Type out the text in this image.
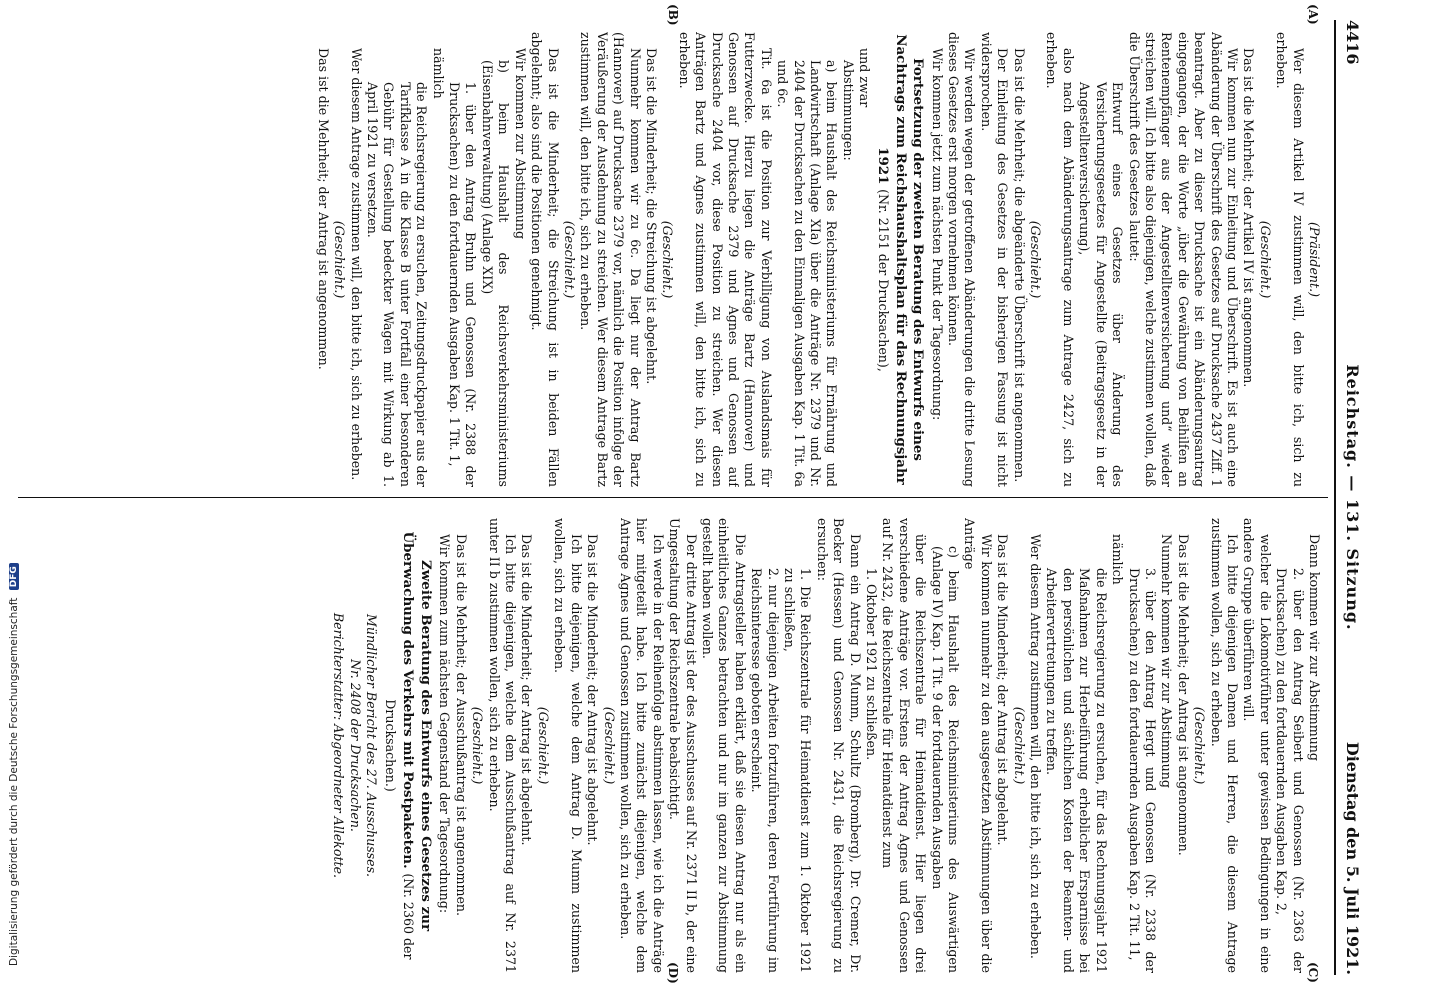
4416
Reichstag. — 131. Sitzung.
Dienstag den 5. Juli 1921.
(A)
(B)
(C)
(D)

(Präsident.)

Wer diesem Artikel IV zustimmen will, den bitte ich, sich zu erheben.

(Geschieht.)

Das ist die Mehrheit; der Artikel IV ist angenommen.

Wir kommen nun zur Einleitung und Überschrift. Es ist auch eine Abänderung der Überschrift des Gesetzes auf Drucksache 2437 Ziff. 1 beantragt. Aber zu dieser Drucksache ist ein Abänderungsantrag eingegangen, der die Worte „über die Gewährung von Beihilfen an Rentenempfänger aus der Angestelltenversicherung und“ wieder streichen will. Ich bitte also diejenigen, welche zustimmen wollen, daß die Überschrift des Gesetzes lautet:

Entwurf eines Gesetzes über Änderung des Versicherungsgesetzes für Angestellte (Beitragsgesetz in der Angestelltenversicherung),

also nach dem Abänderungsantrage zum Antrage 2427, sich zu erheben.

(Geschieht.)

Das ist die Mehrheit; die abgeänderte Überschrift ist angenommen.

Der Einleitung des Gesetzes in der bisherigen Fassung ist nicht widersprochen.

Wir werden wegen der getroffenen Abänderungen die dritte Lesung dieses Gesetzes erst morgen vornehmen können.

Wir kommen jetzt zum nächsten Punkt der Tagesordnung:

Fortsetzung der zweiten Beratung des Entwurfs eines Nachtrags zum Reichshaushaltsplan für das Rechnungsjahr 1921 (Nr. 2151 der Drucksachen),

und zwar

Abstimmungen:

a) beim Haushalt des Reichsministeriums für Ernährung und Landwirtschaft (Anlage XIa) über die Anträge Nr. 2379 und Nr. 2404 der Drucksachen zu den Einmaligen Ausgaben Kap. 1 Tit. 6a und 6c.

Tit. 6a ist die Position zur Verbilligung von Auslandsmais für Futterzwecke. Hierzu liegen die Anträge Bartz (Hannover) und Genossen auf Drucksache 2379 und Agnes und Genossen auf Drucksache 2404 vor, diese Position zu streichen. Wer diesen Anträgen Bartz und Agnes zustimmen will, den bitte ich, sich zu erheben.

(Geschieht.)

Das ist die Minderheit; die Streichung ist abgelehnt.

Nunmehr kommen wir zu 6c. Da liegt nur der Antrag Bartz (Hannover) auf Drucksache 2379 vor, nämlich die Position infolge der Veräußerung der Ausdehnung zu streichen. Wer diesem Antrage Bartz zustimmen will, den bitte ich, sich zu erheben.

(Geschieht.)

Das ist die Minderheit; die Streichung ist in beiden Fällen abgelehnt; also sind die Positionen genehmigt.

Wir kommen zur Abstimmung

b) beim Haushalt des Reichsverkehrsministeriums (Eisenbahnverwaltung) (Anlage XIX)

1. über den Antrag Bruhn und Genossen (Nr. 2388 der Drucksachen) zu den fortdauernden Ausgaben Kap. 1 Tit. 1,

nämlich

die Reichsregierung zu ersuchen, Zeitungsdruckpapier aus der Tarifklasse A in die Klasse B unter Fortfall einer besonderen Gebühr für Gestellung bedeckter Wagen mit Wirkung ab 1. April 1921 zu versetzen.

Wer diesem Antrage zustimmen will, den bitte ich, sich zu erheben.

(Geschieht.)

Das ist die Mehrheit; der Antrag ist angenommen.

Dann kommen wir zur Abstimmung

2. über den Antrag Seibert und Genossen (Nr. 2363 der Drucksachen) zu den fortdauernden Ausgaben Kap. 2,

welcher die Lokomotivführer unter gewissen Bedingungen in eine andere Gruppe überführen will.

Ich bitte diejenigen Damen und Herren, die diesem Antrage zustimmen wollen, sich zu erheben.

(Geschieht.)

Das ist die Mehrheit; der Antrag ist angenommen.

Nunmehr kommen wir zur Abstimmung

3. über den Antrag Hergt und Genossen (Nr. 2338 der Drucksachen) zu den fortdauernden Ausgaben Kap. 2 Tit. 11,

nämlich

die Reichsregierung zu ersuchen, für das Rechnungsjahr 1921 Maßnahmen zur Herbeiführung erheblicher Ersparnisse bei den persönlichen und sächlichen Kosten der Beamten- und Arbeitervertretungen zu treffen.

Wer diesem Antrag zustimmen will, den bitte ich, sich zu erheben.

(Geschieht.)

Das ist die Minderheit; der Antrag ist abgelehnt.

Wir kommen nunmehr zu den ausgesetzten Abstimmungen über die Anträge

c) beim Haushalt des Reichsministeriums des Auswärtigen (Anlage IV) Kap. 1 Tit. 9 der fortdauernden Ausgaben

über die Reichszentrale für Heimatdienst. Hier liegen drei verschiedene Anträge vor. Erstens der Antrag Agnes und Genossen auf Nr. 2432, die Reichszentrale für Heimatdienst zum

1. Oktober 1921 zu schließen.

Dann ein Antrag D. Mumm, Schultz (Bromberg), Dr. Cremer, Dr. Becker (Hessen) und Genossen Nr. 2431, die Reichsregierung zu ersuchen:

1. Die Reichszentrale für Heimatdienst zum 1. Oktober 1921 zu schließen,

2. nur diejenigen Arbeiten fortzuführen, deren Fortführung im Reichsinteresse geboten erscheint.

Die Antragsteller haben erklärt, daß sie diesen Antrag nur als ein einheitliches Ganzes betrachten und nur im ganzen zur Abstimmung gestellt haben wollen.

Der dritte Antrag ist der des Ausschusses auf Nr. 2371 II b, der eine Umgestaltung der Reichszentrale beabsichtigt.

Ich werde in der Reihenfolge abstimmen lassen, wie ich die Anträge hier mitgeteilt habe. Ich bitte zunächst diejenigen, welche dem Antrage Agnes und Genossen zustimmen wollen, sich zu erheben.

(Geschieht.)

Das ist die Minderheit; der Antrag ist abgelehnt.

Ich bitte diejenigen, welche dem Antrag D. Mumm zustimmen wollen, sich zu erheben.

(Geschieht.)

Das ist die Minderheit; der Antrag ist abgelehnt.

Ich bitte diejenigen, welche dem Ausschußantrag auf Nr. 2371 unter II b zustimmen wollen, sich zu erheben.

(Geschieht.)

Das ist die Mehrheit; der Ausschußantrag ist angenommen.

Wir kommen zum nächsten Gegenstand der Tagesordnung:

Zweite Beratung des Entwurfs eines Gesetzes zur Überwachung des Verkehrs mit Postpaketen. (Nr. 2360 der Drucksachen.)

Mündlicher Bericht des 27. Ausschusses.

Nr. 2408 der Drucksachen.

Berichterstatter: Abgeordneter Allekotte.

Digitalisierung gefördert durch die Deutsche Forschungsgemeinschaft DFG
